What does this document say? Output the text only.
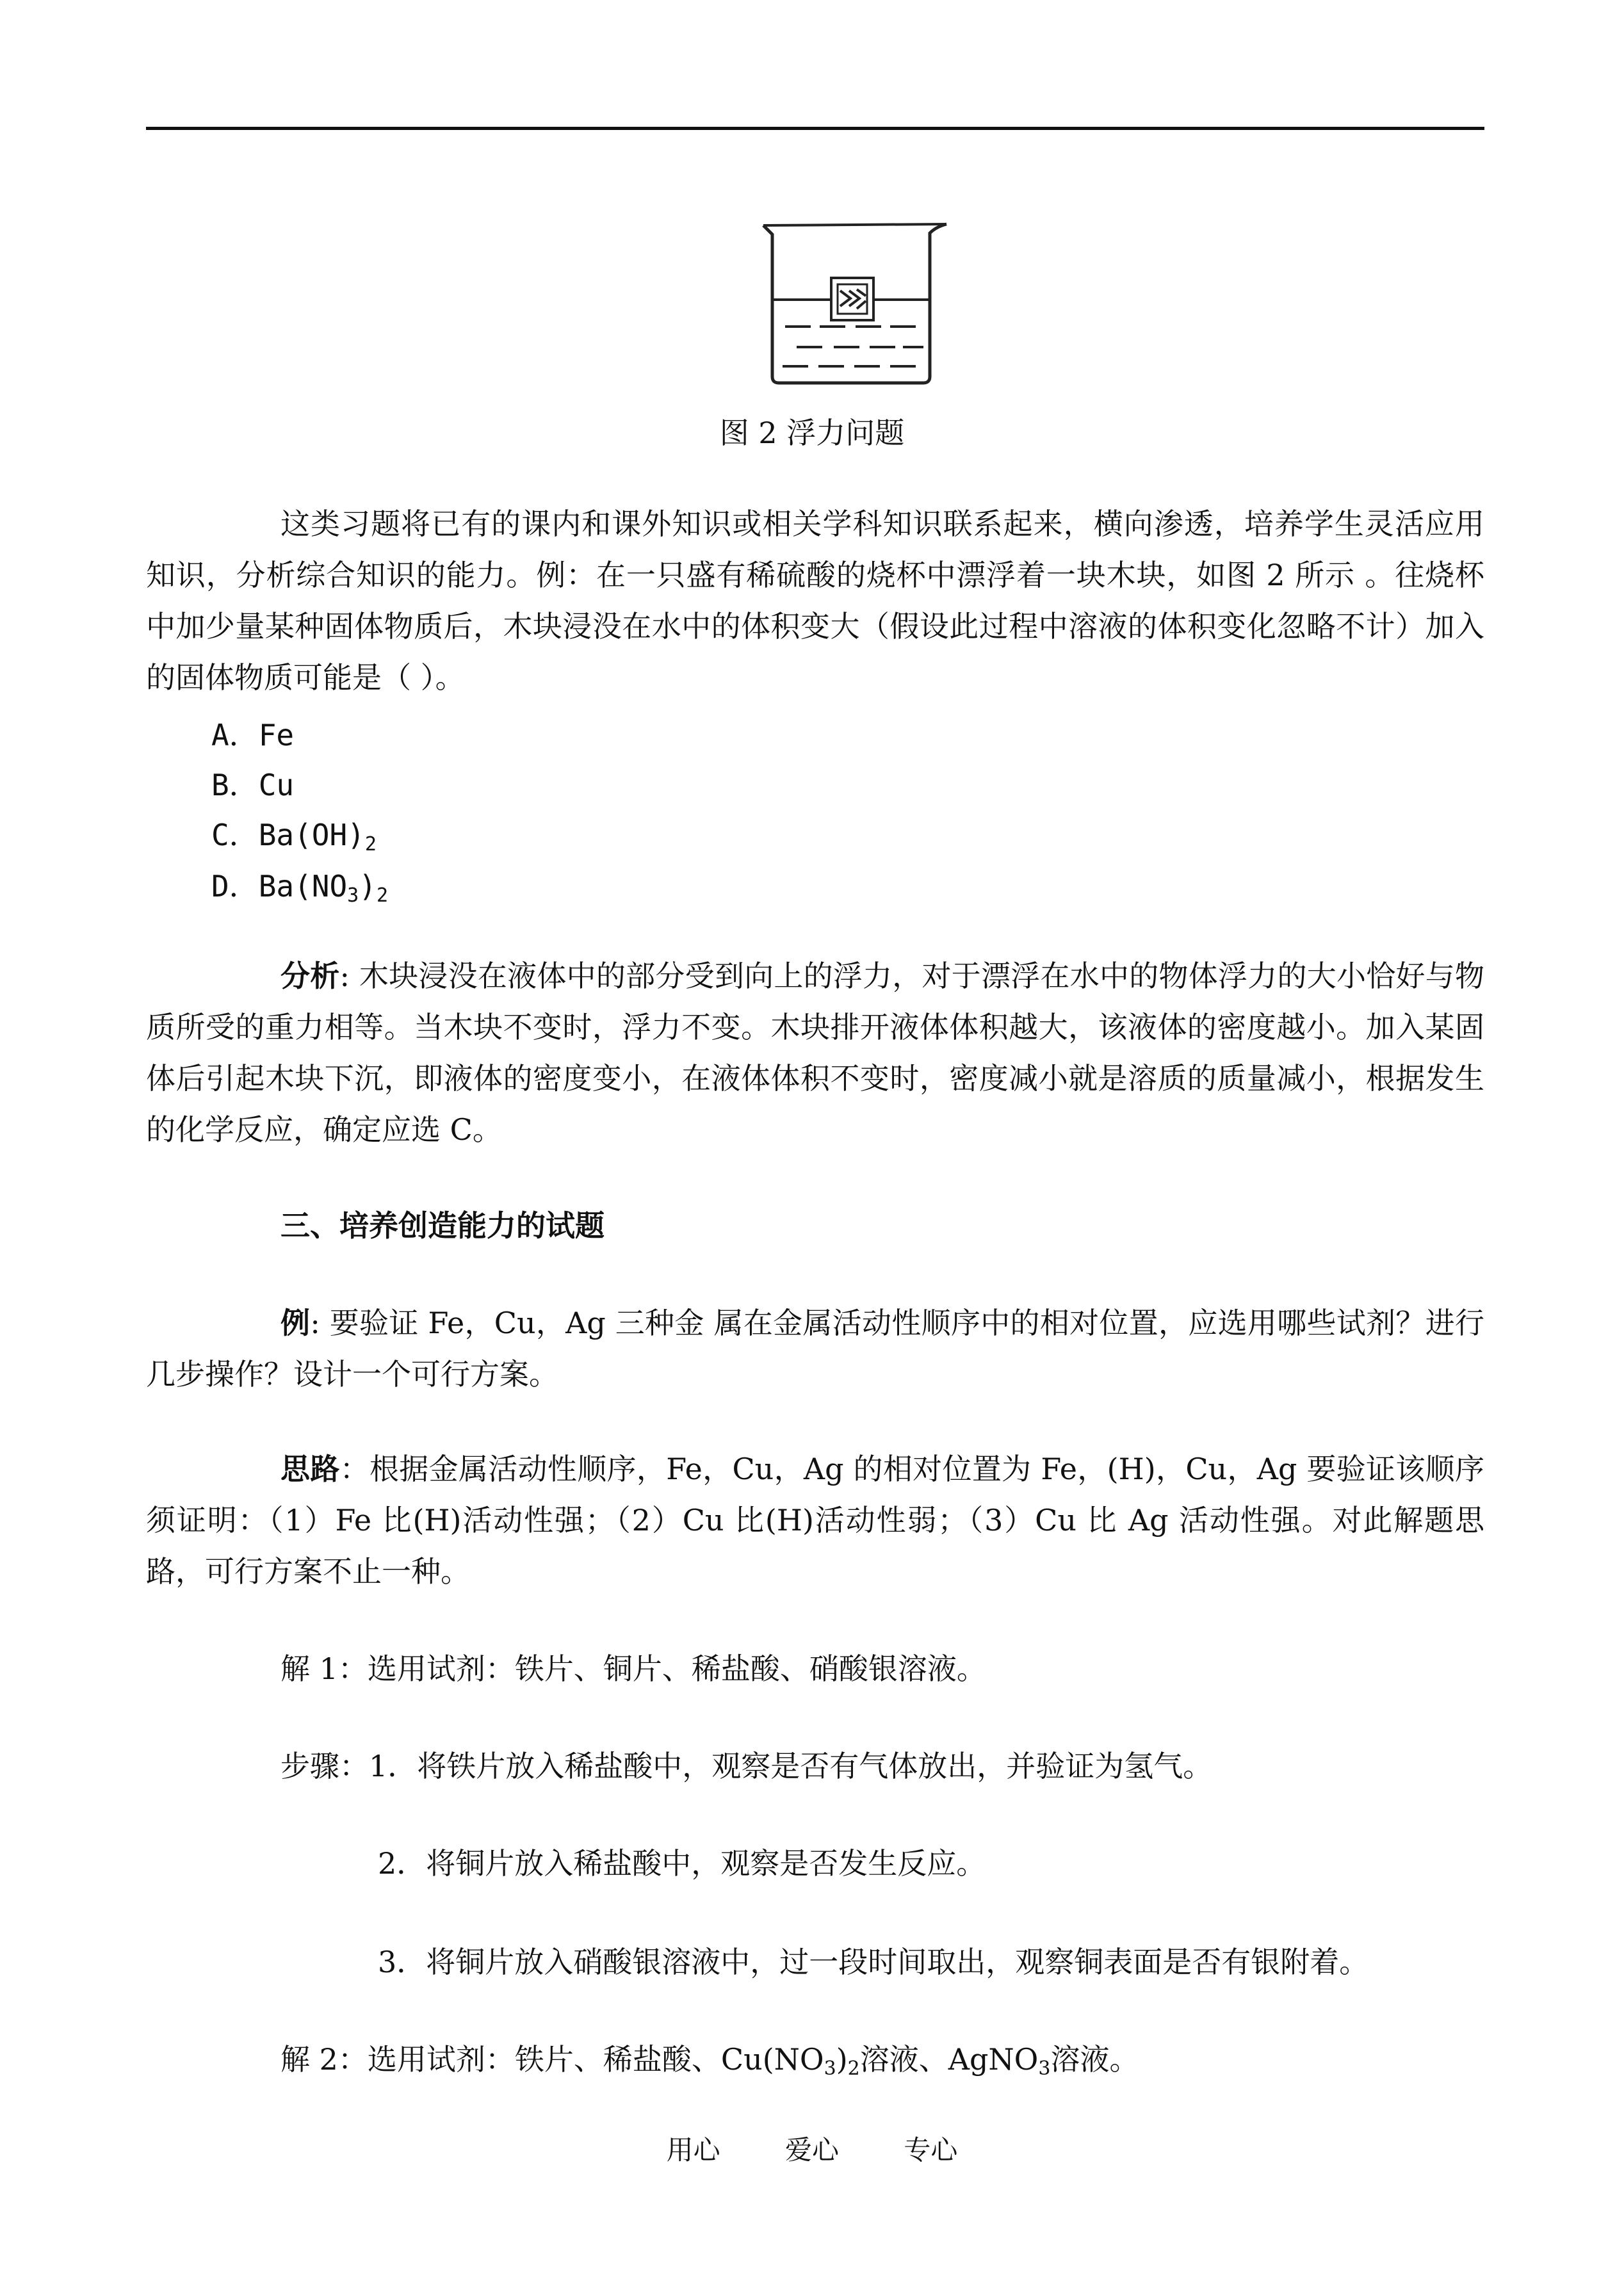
图 2 浮力问题
这类习题将已有的课内和课外知识或相关学科知识联系起来，横向渗透，培养学生灵活应用知识，分析综合知识的能力。例：在一只盛有稀硫酸的烧杯中漂浮着一块木块，如图 2 所示 。往烧杯中加少量某种固体物质后，木块浸没在水中的体积变大（假设此过程中溶液的体积变化忽略不计）加入的固体物质可能是（ ）。
A．Fe
B．Cu
C．$Ba(OH)_2$
D．$Ba(NO_3)_2$
分析: 木块浸没在液体中的部分受到向上的浮力，对于漂浮在水中的物体浮力的大小恰好与物质所受的重力相等。当木块不变时，浮力不变。木块排开液体体积越大，该液体的密度越小。加入某固体后引起木块下沉，即液体的密度变小，在液体体积不变时，密度减小就是溶质的质量减小，根据发生的化学反应，确定应选 C。
三、培养创造能力的试题
例: 要验证 Fe，Cu，Ag 三种金 属在金属活动性顺序中的相对位置，应选用哪些试剂？进行几步操作？设计一个可行方案。
思路：根据金属活动性顺序，Fe，Cu，Ag 的相对位置为 Fe，(H)，Cu，Ag 要验证该顺序须证明：（1）Fe 比(H)活动性强；（2）Cu 比(H)活动性弱；（3）Cu 比 Ag 活动性强。对此解题思路，可行方案不止一种。
解 1：选用试剂：铁片、铜片、稀盐酸、硝酸银溶液。
步骤：1．将铁片放入稀盐酸中，观察是否有气体放出，并验证为氢气。
2．将铜片放入稀盐酸中，观察是否发生反应。
3．将铜片放入硝酸银溶液中，过一段时间取出，观察铜表面是否有银附着。
解 2：选用试剂：铁片、稀盐酸、$Cu(NO_3)_2$溶液、AgNO$_3$溶液。
用心 爱心 专心
